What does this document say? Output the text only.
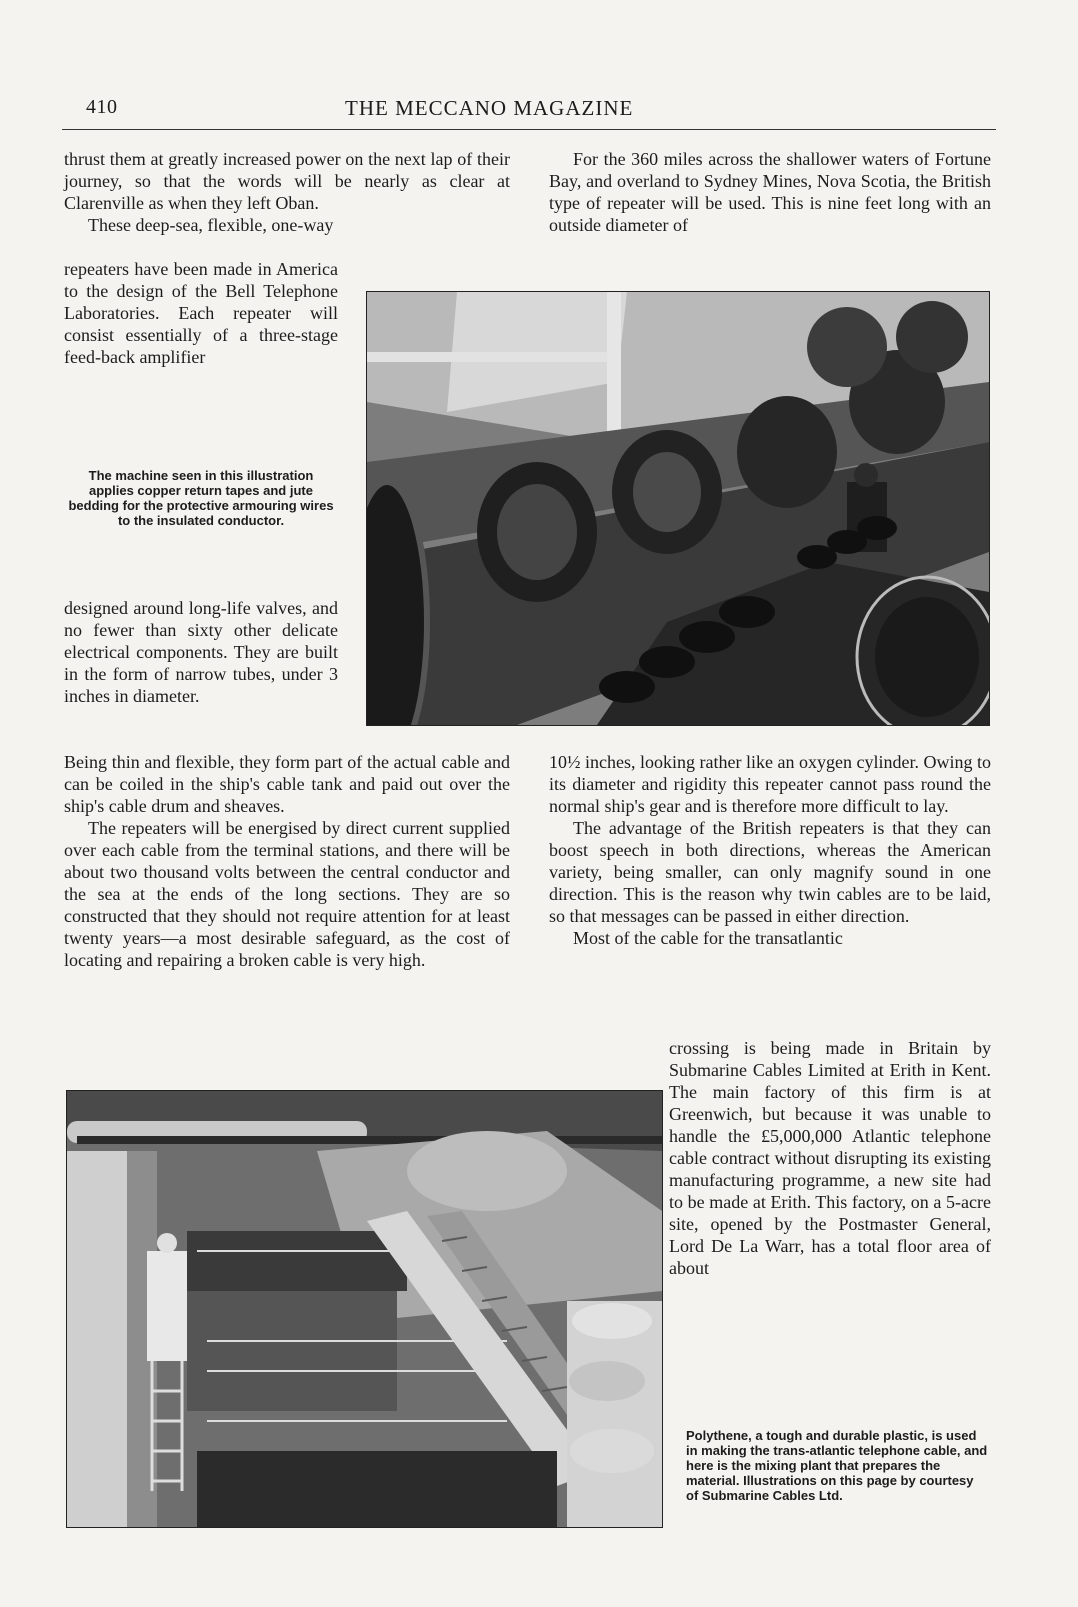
410	THE MECCANO MAGAZINE

thrust them at greatly increased power on the next lap of their journey, so that the words will be nearly as clear at Clarenville as when they left Oban.

These deep-sea, flexible, one-way

repeaters have been made in America to the design of the Bell Telephone Laboratories. Each repeater will consist essentially of a three-stage feed-back amplifier

The machine seen in this illustration applies copper return tapes and jute bedding for the protective armouring wires to the insulated conductor.

designed around long-life valves, and no fewer than sixty other delicate electrical components. They are built in the form of narrow tubes, under 3 inches in diameter.

Being thin and flexible, they form part of the actual cable and can be coiled in the ship's cable tank and paid out over the ship's cable drum and sheaves.

The repeaters will be energised by direct current supplied over each cable from the terminal stations, and there will be about two thousand volts between the central conductor and the sea at the ends of the long sections. They are so constructed that they should not require attention for at least twenty years—a most desirable safeguard, as the cost of locating and repairing a broken cable is very high.

For the 360 miles across the shallower waters of Fortune Bay, and overland to Sydney Mines, Nova Scotia, the British type of repeater will be used. This is nine feet long with an outside diameter of

10½ inches, looking rather like an oxygen cylinder. Owing to its diameter and rigidity this repeater cannot pass round the normal ship's gear and is therefore more difficult to lay.

The advantage of the British repeaters is that they can boost speech in both directions, whereas the American variety, being smaller, can only magnify sound in one direction. This is the reason why twin cables are to be laid, so that messages can be passed in either direction.

Most of the cable for the transatlantic

crossing is being made in Britain by Submarine Cables Limited at Erith in Kent. The main factory of this firm is at Greenwich, but because it was unable to handle the £5,000,000 Atlantic telephone cable contract without disrupting its existing manufacturing programme, a new site had to be made at Erith. This factory, on a 5-acre site, opened by the Postmaster General, Lord De La Warr, has a total floor area of about

Polythene, a tough and durable plastic, is used in making the trans-atlantic telephone cable, and here is the mixing plant that prepares the material. Illustrations on this page by courtesy of Submarine Cables Ltd.
